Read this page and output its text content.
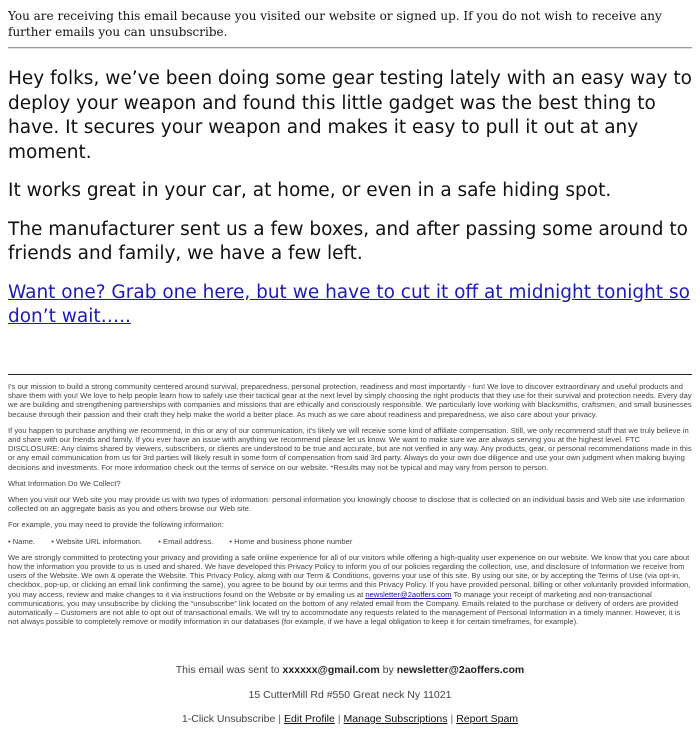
You are receiving this email because you visited our website or signed up. If you do not wish to receive any further emails you can unsubscribe.

Hey folks, we’ve been doing some gear testing lately with an easy way to deploy your weapon and found this little gadget was the best thing to have. It secures your weapon and makes it easy to pull it out at any moment.

It works great in your car, at home, or even in a safe hiding spot.

The manufacturer sent us a few boxes, and after passing some around to friends and family, we have a few left.

Want one? Grab one here, but we have to cut it off at midnight tonight so don’t wait…..

I's our mission to build a strong community centered around survival, preparedness, personal protection, readiness and most importantly - fun! We love to discover extraordinary and useful products and share them with you! We love to help people learn how to safely use their tactical gear at the next level by simply choosing the right products that they use for their survival and protection needs. Every day we are building and strengthening partnerships with companies and missions that are ethically and consciously responsible. We particularly love working with blacksmiths, craftsmen, and small businesses because through their passion and their craft they help make the world a better place. As much as we care about readiness and preparedness, we also care about your privacy.

If you happen to purchase anything we recommend, in this or any of our communication, it's likely we will receive some kind of affiliate compensation. Still, we only recommend stuff that we truly believe in and share with our friends and family. If you ever have an issue with anything we recommend please let us know. We want to make sure we are always serving you at the highest level. FTC DISCLOSURE: Any claims shared by viewers, subscribers, or clients are understood to be true and accurate, but are not verified in any way. Any products, gear, or personal recommendations made in this or any email communication from us for 3rd parties will likely result in some form of compensation from said 3rd party. Always do your own due diligence and use your own judgment when making buying decisions and investments. For more information check out the terms of service on our website. *Results may not be typical and may vary from person to person.

What Information Do We Collect?

When you visit our Web site you may provide us with two types of information: personal information you knowingly choose to disclose that is collected on an individual basis and Web site use information collected on an aggregate basis as you and others browse our Web site.

For example, you may need to provide the following information:

• Name. • Website URL information. • Email address. • Home and business phone number

We are strongly committed to protecting your privacy and providing a safe online experience for all of our visitors while offering a high-quality user experience on our website. We know that you care about how the information you provide to us is used and shared. We have developed this Privacy Policy to inform you of our policies regarding the collection, use, and disclosure of Information we receive from users of the Website. We own & operate the Website. This Privacy Policy, along with our Term & Conditions, governs your use of this site. By using our site, or by accepting the Terms of Use (via opt-in, checkbox, pop-up, or clicking an email link confirming the same), you agree to be bound by our terms and this Privacy Policy. If you have provided personal, billing or other voluntarily provided information, you may access, review and make changes to it via instructions found on the Website or by emailing us at newsletter@2aoffers.com To manage your receipt of marketing and non-transactional communications, you may unsubscribe by clicking the “unsubscribe” link located on the bottom of any related email from the Company. Emails related to the purchase or delivery of orders are provided automatically – Customers are not able to opt out of transactional emails. We will try to accommodate any requests related to the management of Personal Information in a timely manner. However, it is not always possible to completely remove or modify information in our databases (for example, if we have a legal obligation to keep it for certain timeframes, for example).

This email was sent to xxxxxx@gmail.com by newsletter@2aoffers.com
15 CutterMill Rd #550 Great neck Ny 11021
1-Click Unsubscribe | Edit Profile | Manage Subscriptions | Report Spam
